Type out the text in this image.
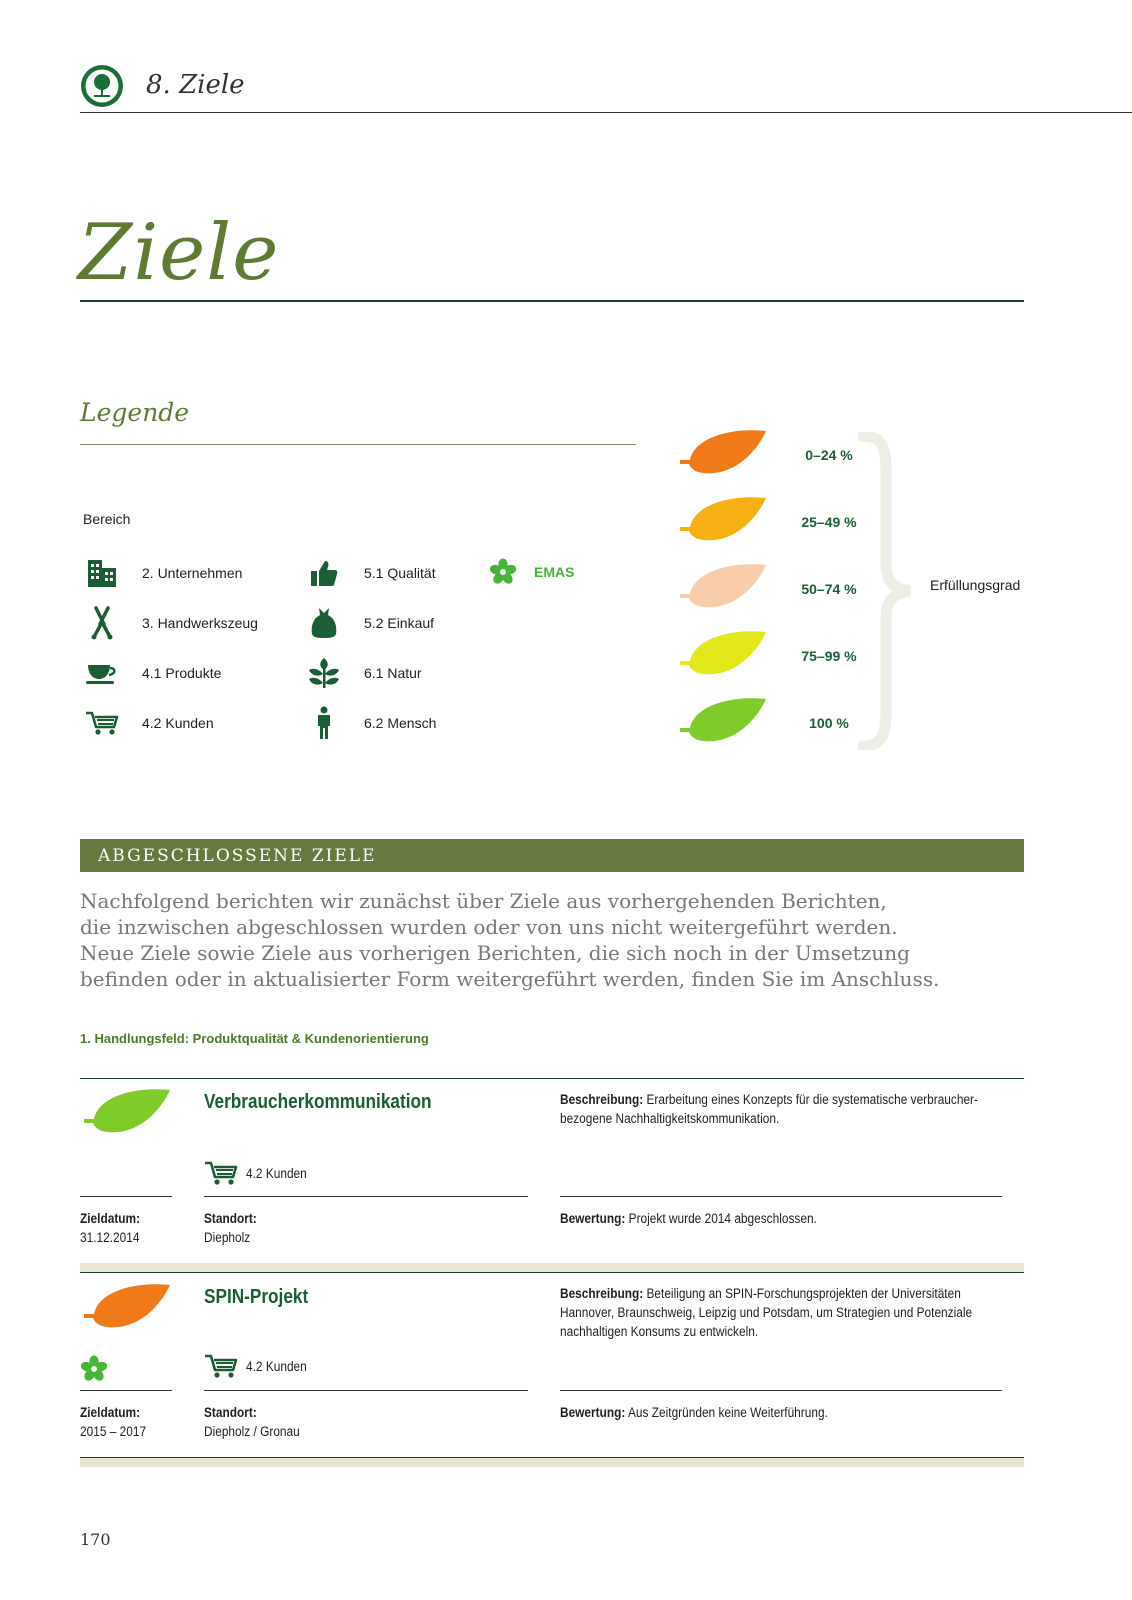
8. Ziele
Ziele
Legende
Bereich
2. Unternehmen
3. Handwerkszeug
4.1 Produkte
4.2 Kunden
5.1 Qualität
5.2 Einkauf
6.1 Natur
6.2 Mensch
EMAS
0–24 %
25–49 %
50–74 %
75–99 %
100 %
Erfüllungsgrad
ABGESCHLOSSENE ZIELE
Nachfolgend berichten wir zunächst über Ziele aus vorhergehenden Berichten,
die inzwischen abgeschlossen wurden oder von uns nicht weitergeführt werden.
Neue Ziele sowie Ziele aus vorherigen Berichten, die sich noch in der Umsetzung
befinden oder in aktualisierter Form weitergeführt werden, finden Sie im Anschluss.
1. Handlungsfeld: Produktqualität & Kundenorientierung
Verbraucherkommunikation
4.2 Kunden
Beschreibung: Erarbeitung eines Konzepts für die systematische verbraucher-
bezogene Nachhaltigkeitskommunikation.
Zieldatum:
31.12.2014
Standort:
Diepholz
Bewertung: Projekt wurde 2014 abgeschlossen.
SPIN-Projekt
4.2 Kunden
Beschreibung: Beteiligung an SPIN-Forschungsprojekten der Universitäten
Hannover, Braunschweig, Leipzig und Potsdam, um Strategien und Potenziale
nachhaltigen Konsums zu entwickeln.
Zieldatum:
2015 – 2017
Standort:
Diepholz / Gronau
Bewertung: Aus Zeitgründen keine Weiterführung.
170
